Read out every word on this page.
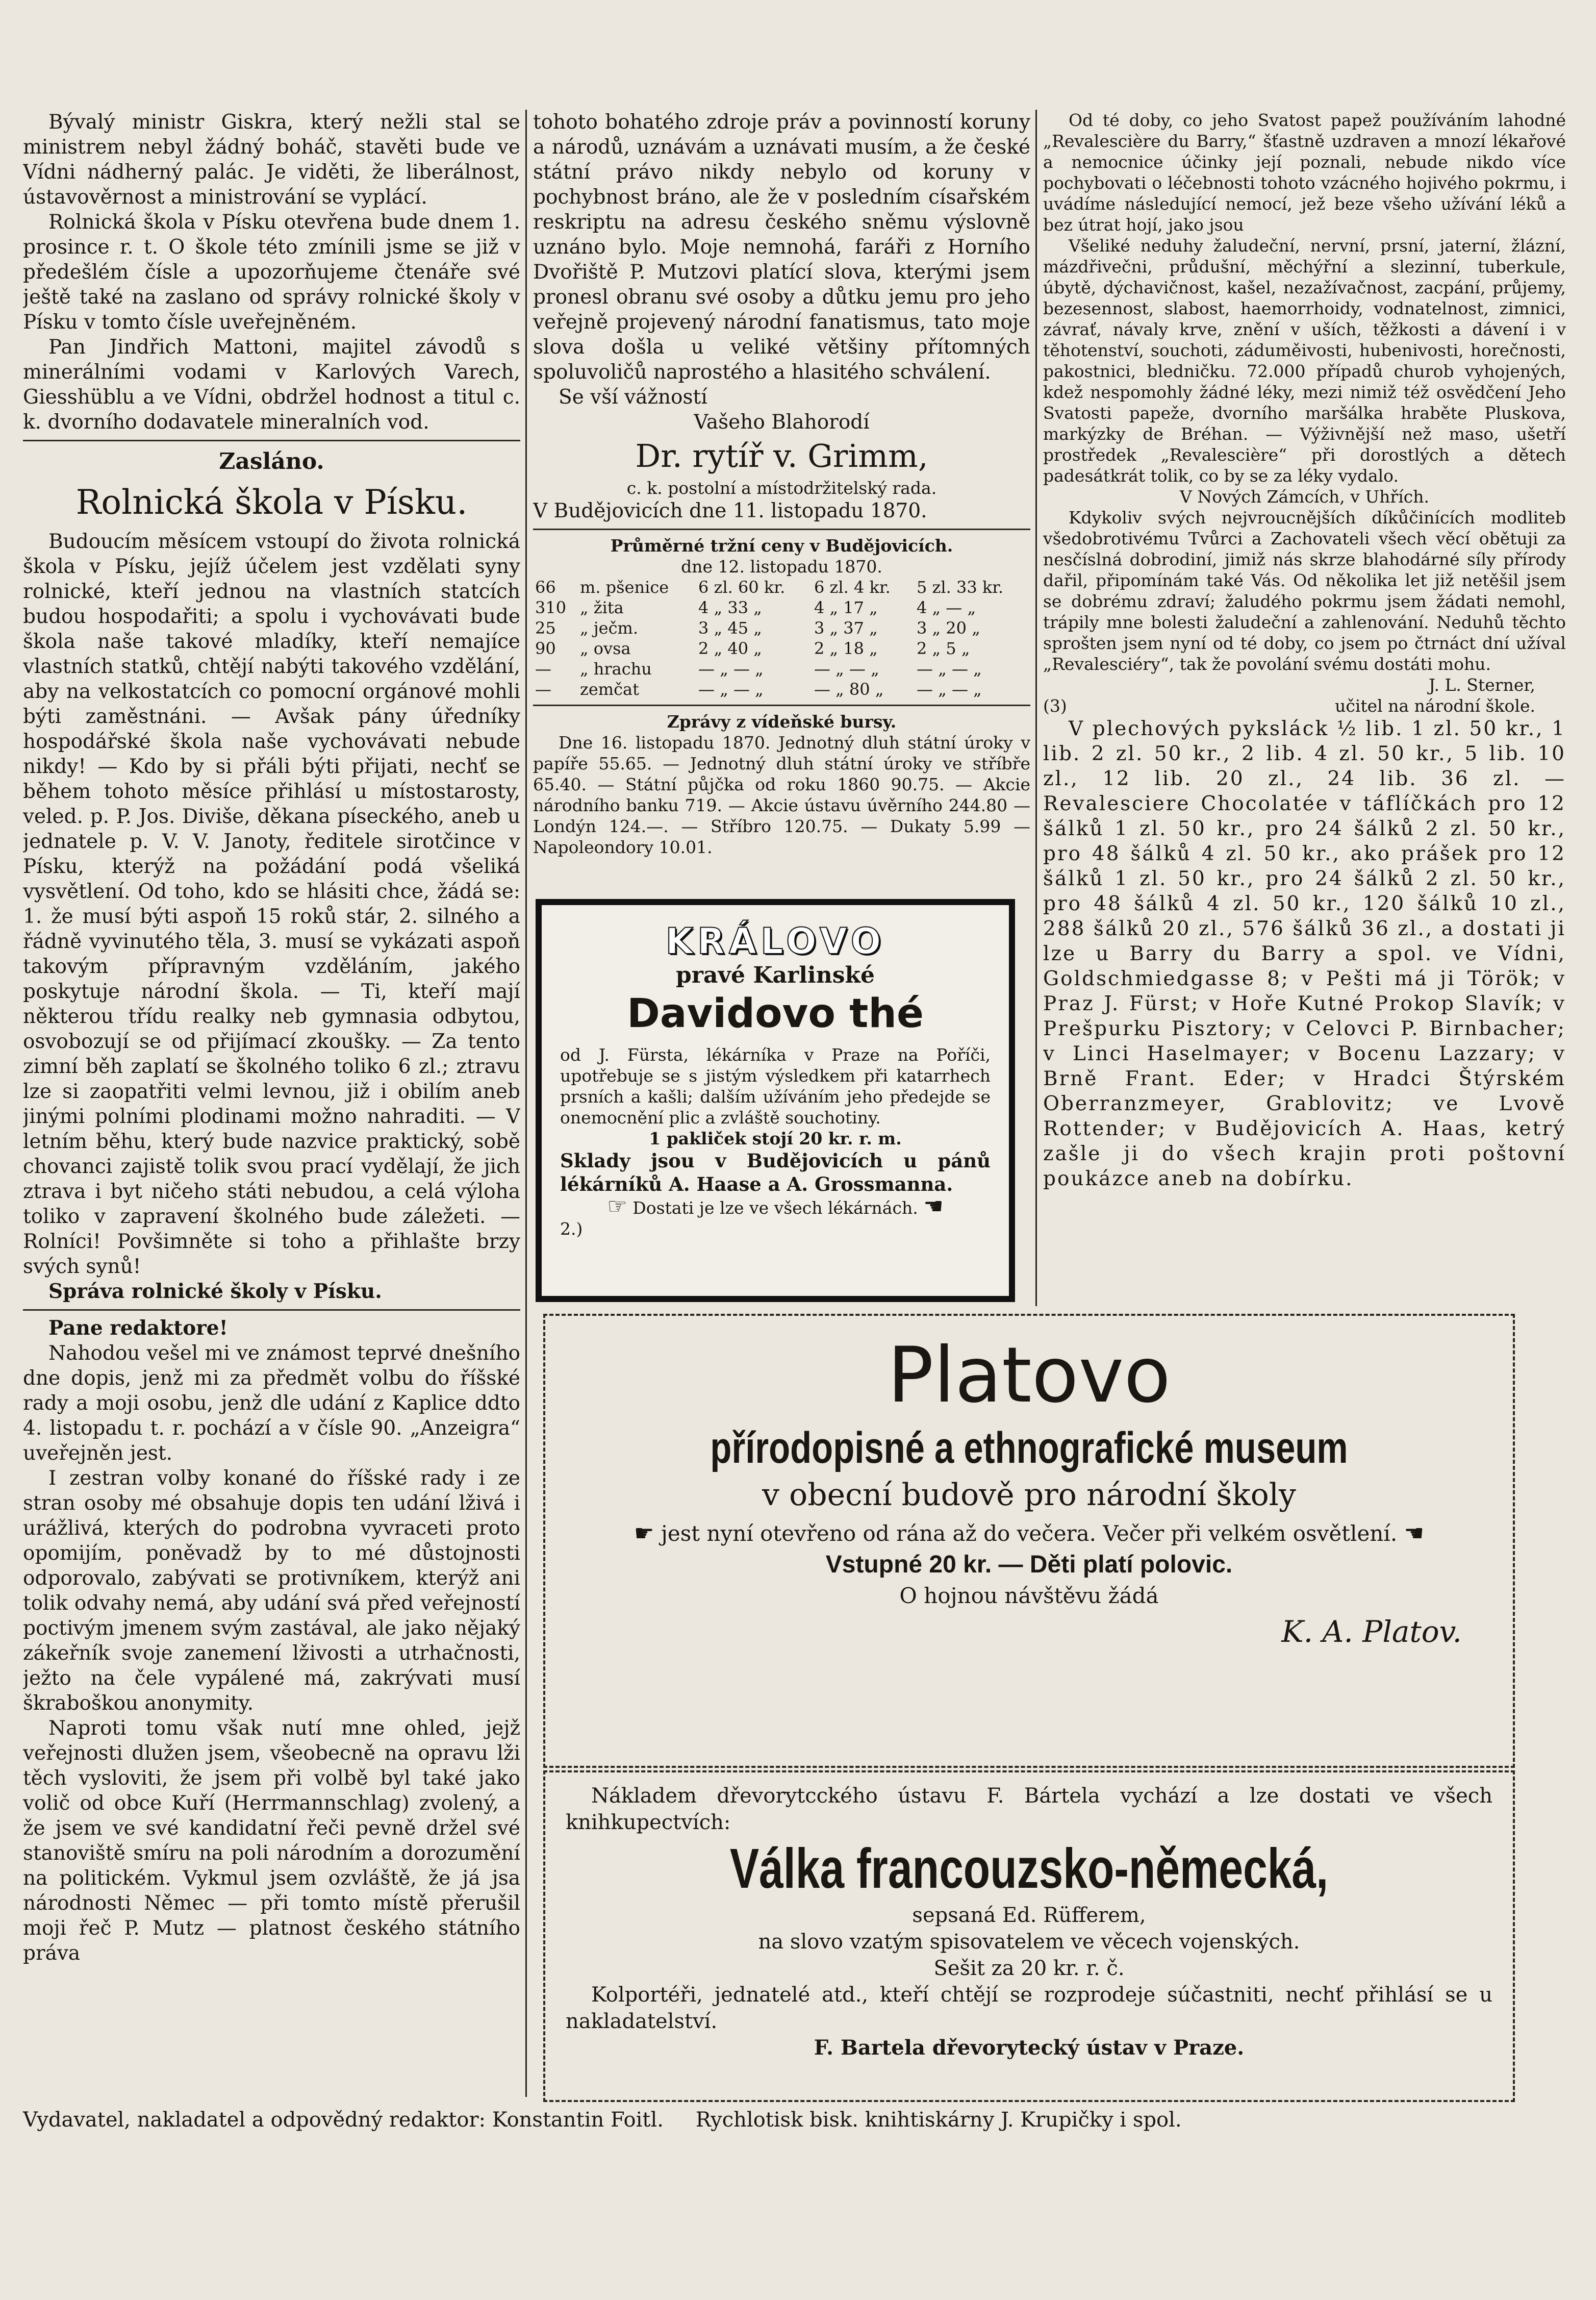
Bývalý ministr Giskra, který nežli stal se ministrem nebyl žádný boháč, stavěti bude ve Vídni nádherný palác. Je viděti, že liberálnost, ústavověrnost a ministrování se vyplácí.

Rolnická škola v Písku otevřena bude dnem 1. prosince r. t. O škole této zmínili jsme se již v předešlém čísle a upozorňujeme čtenáře své ještě také na zaslano od správy rolnické školy v Písku v tomto čísle uveřejněném.

Pan Jindřich Mattoni, majitel závodů s minerálními vodami v Karlových Varech, Giesshüblu a ve Vídni, obdržel hodnost a titul c. k. dvorního dodavatele mineralních vod.

Zasláno.
Rolnická škola v Písku.

Budoucím měsícem vstoupí do života rolnická škola v Písku, jejíž účelem jest vzdělati syny rolnické, kteří jednou na vlastních statcích budou hospodařiti; a spolu i vychovávati bude škola naše takové mladíky, kteří nemajíce vlastních statků, chtějí nabýti takového vzdělání, aby na velkostatcích co pomocní orgánové mohli býti zaměstnáni. — Avšak pány úředníky hospodářské škola naše vychovávati nebude nikdy! — Kdo by si přáli býti přijati, nechť se během tohoto měsíce přihlásí u místostarosty, veled. p. P. Jos. Diviše, děkana píseckého, aneb u jednatele p. V. V. Janoty, ředitele sirotčince v Písku, kterýž na požádání podá všeliká vysvětlení. Od toho, kdo se hlásiti chce, žádá se: 1. že musí býti aspoň 15 roků stár, 2. silného a řádně vyvinutého těla, 3. musí se vykázati aspoň takovým přípravným vzděláním, jakého poskytuje národní škola. — Ti, kteří mají některou třídu realky neb gymnasia odbytou, osvobozují se od přijímací zkoušky. — Za tento zimní běh zaplatí se školného toliko 6 zl.; ztravu lze si zaopatřiti velmi levnou, již i obilím aneb jinými polními plodinami možno nahraditi. — V letním běhu, který bude nazvice praktický, sobě chovanci zajistě tolik svou prací vydělají, že jich ztrava i byt ničeho státi nebudou, a celá výloha toliko v zapravení školného bude záležeti. — Rolníci! Povšimněte si toho a přihlašte brzy svých synů!

Správa rolnické školy v Písku.

Pane redaktore!

Nahodou vešel mi ve známost teprvé dnešního dne dopis, jenž mi za předmět volbu do říšské rady a moji osobu, jenž dle udání z Kaplice ddto 4. listopadu t. r. pochází a v čísle 90. „Anzeigra“ uveřejněn jest.

I zestran volby konané do říšské rady i ze stran osoby mé obsahuje dopis ten udání lživá i urážlivá, kterých do podrobna vyvraceti proto opomijím, poněvadž by to mé důstojnosti odporovalo, zabývati se protivníkem, kterýž ani tolik odvahy nemá, aby udání svá před veřejností poctivým jmenem svým zastával, ale jako nějaký zákeřník svoje zanemení lživosti a utrhačnosti, ježto na čele vypálené má, zakrývati musí škraboškou anonymity.

Naproti tomu však nutí mne ohled, jejž veřejnosti dlužen jsem, všeobecně na opravu lži těch vysloviti, že jsem při volbě byl také jako volič od obce Kuří (Herrmannschlag) zvolený, a že jsem ve své kandidatní řeči pevně držel své stanoviště smíru na poli národním a dorozumění na politickém. Vykmul jsem ozvláště, že já jsa národnosti Němec — při tomto místě přerušil moji řeč P. Mutz — platnost českého státního práva

tohoto bohatého zdroje práv a povinností koruny a národů, uznávám a uznávati musím, a že české státní právo nikdy nebylo od koruny v pochybnost bráno, ale že v posledním císařském reskriptu na adresu českého sněmu výslovně uznáno bylo. Moje nemnohá, faráři z Horního Dvořiště P. Mutzovi platící slova, kterými jsem pronesl obranu své osoby a důtku jemu pro jeho veřejně projevený národní fanatismus, tato moje slova došla u veliké většiny přítomných spoluvoličů naprostého a hlasitého schválení.

Se vší vážností

Vašeho Blahorodí

Dr. rytíř v. Grimm,

c. k. postolní a místodržitelský rada.

V Budějovicích dne 11. listopadu 1870.

Průměrné tržní ceny v Budějovicích.

dne 12. listopadu 1870.

66	m. pšenice	6 zl. 60 kr.	6 zl. 4 kr.	5 zl. 33 kr.
310	„ žita	4 „ 33 „	4 „ 17 „	4 „ — „
25	„ ječm.	3 „ 45 „	3 „ 37 „	3 „ 20 „
90	„ ovsa	2 „ 40 „	2 „ 18 „	2 „ 5 „
—	„ hrachu	— „ — „	— „ — „	— „ — „
—	zemčat	— „ — „	— „ 80 „	— „ — „

Zprávy z vídeňské bursy.

Dne 16. listopadu 1870. Jednotný dluh státní úroky v papíře 55.65. — Jednotný dluh státní úroky ve stříbře 65.40. — Státní půjčka od roku 1860 90.75. — Akcie národního banku 719. — Akcie ústavu úvěrního 244.80 — Londýn 124.—. — Stříbro 120.75. — Dukaty 5.99 — Napoleondory 10.01.

KRÁLOVO
pravé Karlinské
Davidovo thé

od J. Fürsta, lékárníka v Praze na Poříči, upotřebuje se s jistým výsledkem při katarrhech prsních a kašli; dalším užíváním jeho předejde se onemocnění plic a zvláště souchotiny.

1 pakliček stojí 20 kr. r. m.

Sklady jsou v Budějovicích u pánů lékárníků A. Haase a A. Grossmanna.

☞ Dostati je lze ve všech lékárnách. ☚

2.)

Od té doby, co jeho Svatost papež používáním lahodné „Revalescière du Barry,“ šťastně uzdraven a mnozí lékařové a nemocnice účinky její poznali, nebude nikdo více pochybovati o léčebnosti tohoto vzácného hojivého pokrmu, i uvádíme následující nemocí, jež beze všeho užívání léků a bez útrat hojí, jako jsou

Všeliké neduhy žaludeční, nervní, prsní, jaterní, žlázní, mázdřivečni, průdušní, měchýřní a slezinní, tuberkule, úbytě, dýchavičnost, kašel, nezažívačnost, zacpání, průjemy, bezesennost, slabost, haemorrhoidy, vodnatelnost, zimnici, závrať, návaly krve, znění v uších, těžkosti a dávení i v těhotenství, souchoti, záduměivosti, hubenivosti, horečnosti, pakostnici, bledničku. 72.000 případů churob vyhojených, kdež nespomohly žádné léky, mezi nimiž též osvědčení Jeho Svatosti papeže, dvorního maršálka hraběte Pluskova, markýzky de Bréhan. — Výživnější než maso, ušetří prostředek „Revalescière“ při dorostlých a dětech padesátkrát tolik, co by se za léky vydalo.

V Nových Zámcích, v Uhřích.

Kdykoliv svých nejvroucnějších díkůčinících modliteb všedobrotivému Tvůrci a Zachovateli všech věcí obětuji za nesčíslná dobrodiní, jimiž nás skrze blahodárné síly přírody dařil, připomínám také Vás. Od několika let již netěšil jsem se dobrému zdraví; žaludého pokrmu jsem žádati nemohl, trápily mne bolesti žaludeční a zahlenování. Neduhů těchto sprošten jsem nyní od té doby, co jsem po čtrnáct dní užíval „Revalesciéry“, tak že povolání svému dostáti mohu.

J. L. Sterner,

(3)	učitel na národní škole.

V plechových pyksláck ½ lib. 1 zl. 50 kr., 1 lib. 2 zl. 50 kr., 2 lib. 4 zl. 50 kr., 5 lib. 10 zl., 12 lib. 20 zl., 24 lib. 36 zl. — Revalesciere Chocolatée v táflíčkách pro 12 šálků 1 zl. 50 kr., pro 24 šálků 2 zl. 50 kr., pro 48 šálků 4 zl. 50 kr., ako prášek pro 12 šálků 1 zl. 50 kr., pro 24 šálků 2 zl. 50 kr., pro 48 šálků 4 zl. 50 kr., 120 šálků 10 zl., 288 šálků 20 zl., 576 šálků 36 zl., a dostati ji lze u Barry du Barry a spol. ve Vídni, Goldschmiedgasse 8; v Pešti má ji Török; v Praz J. Fürst; v Hoře Kutné Prokop Slavík; v Prešpurku Pisztory; v Celovci P. Birnbacher; v Linci Haselmayer; v Bocenu Lazzary; v Brně Frant. Eder; v Hradci Štýrském Oberranzmeyer, Grablovitz; ve Lvově Rottender; v Budějovicích A. Haas, ketrý zašle ji do všech krajin proti poštovní poukázce aneb na dobírku.

Platovo
přírodopisné a ethnografické museum
v obecní budově pro národní školy
☛ jest nyní otevřeno od rána až do večera. Večer při velkém osvětlení. ☚
Vstupné 20 kr. — Děti platí polovic.
O hojnou návštěvu žádá
K. A. Platov.

Nákladem dřevorytcckého ústavu F. Bártela vychází a lze dostati ve všech knihkupectvích:

Válka francouzsko-německá,

sepsaná Ed. Rüfferem,

na slovo vzatým spisovatelem ve věcech vojenských.

Sešit za 20 kr. r. č.

Kolportéři, jednatelé atd., kteří chtějí se rozprodeje súčastniti, nechť přihlásí se u nakladatelství.

F. Bartela dřevorytecký ústav v Praze.

Vydavatel, nakladatel a odpovědný redaktor: Konstantin Foitl. Rychlotisk bisk. knihtiskárny J. Krupičky i spol.
